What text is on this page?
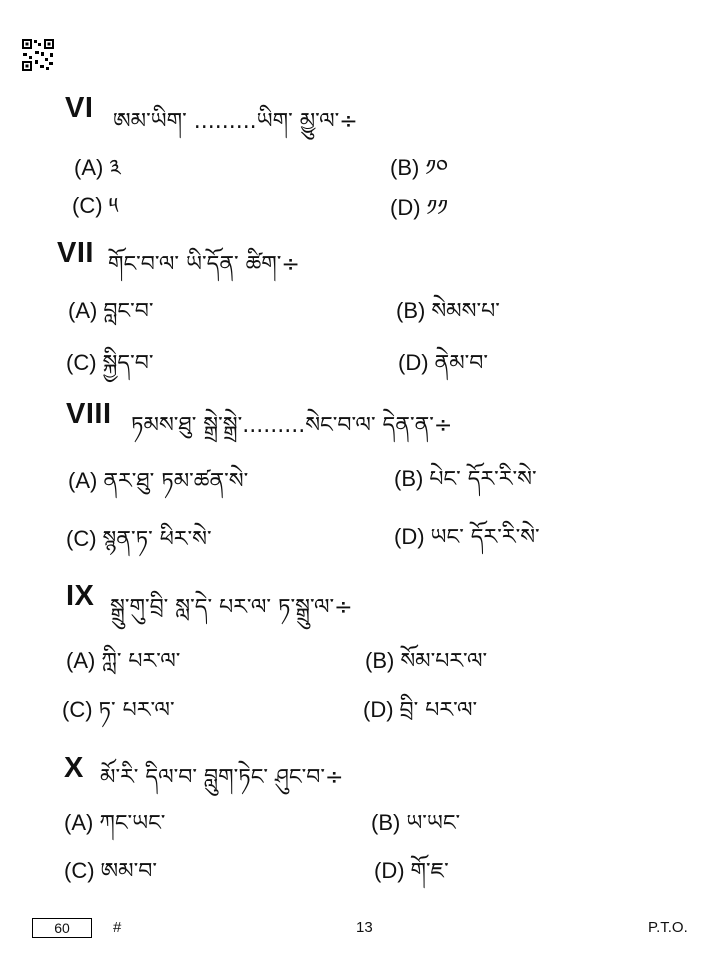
VI ཨམ་ཡིག་ .........ཡིག་ མྱུ་ལ་÷
(A) ༣	(B) ༡༠
(C) ༥	(D) ༡༡
VII གོང་བ་ལ་ ཡི་དོན་ ཚིག་÷
(A) བླང་བ་	(B) སེམས་པ་
(C) སྐྱིད་བ་	(D) ནེམ་བ་
VIII ཏམས་ཐུ་ སྒྲེ་སྒྲེ་.........སེང་བ་ལ་ དེན་ན་÷
(A) ནར་ཐུ་ ཏམ་ཚན་སེ་	(B) པེང་ དོར་རི་སེ་
(C) སྙན་ཏ་ ཕིར་སེ་	(D) ཡང་ དོར་རི་སེ་
IX སྒྲུ་གུ་བྲི་ སླ་དེ་ པར་ལ་ ཏ་སྒྲུ་ལ་÷
(A) ཀླི་ པར་ལ་	(B) སོམ་པར་ལ་
(C) ཏ་ པར་ལ་	(D) བྲི་ པར་ལ་
X མོ་རི་ དིལ་བ་ བླུག་ཏེང་ ཤུང་བ་÷
(A) ཀང་ཡང་	(B) ཡ་ཡང་
(C) ཨམ་བ་	(D) གོ་ཇ་
60	#	13	P.T.O.
